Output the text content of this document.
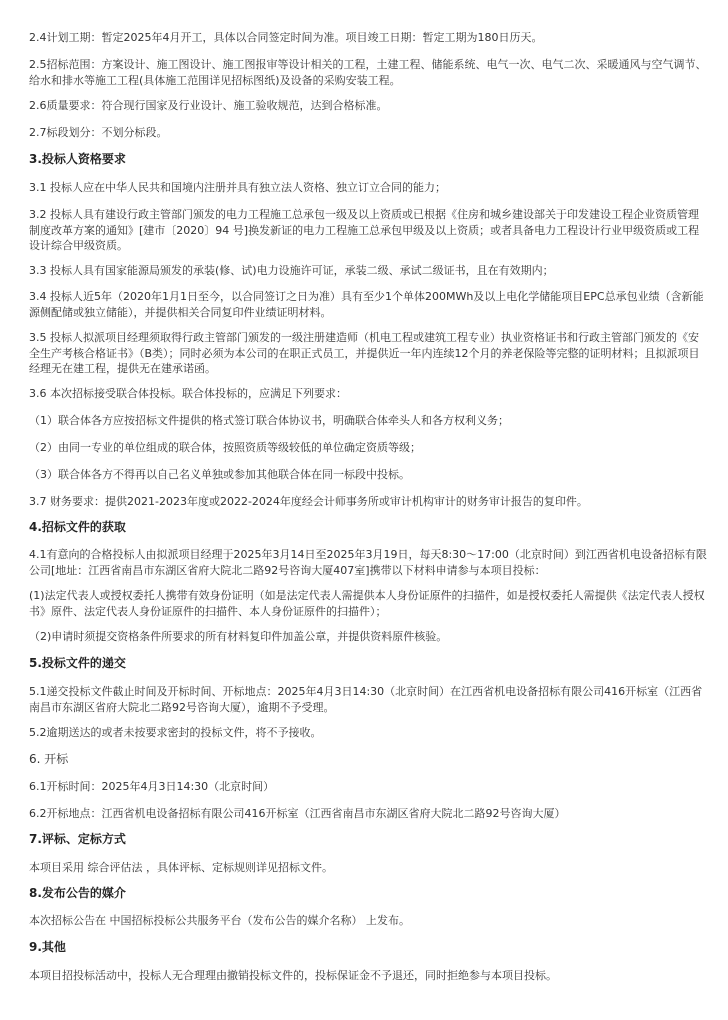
2.4计划工期：暂定2025年4月开工，具体以合同签定时间为准。项目竣工日期：暂定工期为180日历天。

2.5招标范围：方案设计、施工图设计、施工图报审等设计相关的工程，土建工程、储能系统、电气一次、电气二次、采暖通风与空气调节、给水和排水等施工工程(具体施工范围详见招标图纸)及设备的采购安装工程。

2.6质量要求：符合现行国家及行业设计、施工验收规范，达到合格标准。

2.7标段划分：不划分标段。

3.投标人资格要求

3.1 投标人应在中华人民共和国境内注册并具有独立法人资格、独立订立合同的能力；

3.2 投标人具有建设行政主管部门颁发的电力工程施工总承包一级及以上资质或已根据《住房和城乡建设部关于印发建设工程企业资质管理制度改革方案的通知》[建市〔2020〕94 号]换发新证的电力工程施工总承包甲级及以上资质；或者具备电力工程设计行业甲级资质或工程设计综合甲级资质。

3.3 投标人具有国家能源局颁发的承装(修、试)电力设施许可证，承装二级、承试二级证书，且在有效期内；

3.4 投标人近5年（2020年1月1日至今，以合同签订之日为准）具有至少1个单体200MWh及以上电化学储能项目EPC总承包业绩（含新能源侧配储或独立储能），并提供相关合同复印件业绩证明材料。

3.5 投标人拟派项目经理须取得行政主管部门颁发的一级注册建造师（机电工程或建筑工程专业）执业资格证书和行政主管部门颁发的《安全生产考核合格证书》（B类）；同时必须为本公司的在职正式员工，并提供近一年内连续12个月的养老保险等完整的证明材料；且拟派项目经理无在建工程，提供无在建承诺函。

3.6 本次招标接受联合体投标。联合体投标的，应满足下列要求：

（1）联合体各方应按招标文件提供的格式签订联合体协议书，明确联合体牵头人和各方权利义务；

（2）由同一专业的单位组成的联合体，按照资质等级较低的单位确定资质等级；

（3）联合体各方不得再以自己名义单独或参加其他联合体在同一标段中投标。

3.7 财务要求：提供2021-2023年度或2022-2024年度经会计师事务所或审计机构审计的财务审计报告的复印件。

4.招标文件的获取

4.1有意向的合格投标人由拟派项目经理于2025年3月14日至2025年3月19日，每天8:30～17:00（北京时间）到江西省机电设备招标有限公司[地址：江西省南昌市东湖区省府大院北二路92号咨询大厦407室]携带以下材料申请参与本项目投标：

(1)法定代表人或授权委托人携带有效身份证明（如是法定代表人需提供本人身份证原件的扫描件，如是授权委托人需提供《法定代表人授权书》原件、法定代表人身份证原件的扫描件、本人身份证原件的扫描件）；

（2)申请时须提交资格条件所要求的所有材料复印件加盖公章，并提供资料原件核验。

5.投标文件的递交

5.1递交投标文件截止时间及开标时间、开标地点：2025年4月3日14:30（北京时间）在江西省机电设备招标有限公司416开标室（江西省南昌市东湖区省府大院北二路92号咨询大厦），逾期不予受理。

5.2逾期送达的或者未按要求密封的投标文件，将不予接收。

6. 开标

6.1开标时间：2025年4月3日14:30（北京时间）

6.2开标地点：江西省机电设备招标有限公司416开标室（江西省南昌市东湖区省府大院北二路92号咨询大厦）

7.评标、定标方式

本项目采用 综合评估法 ，具体评标、定标规则详见招标文件。

8.发布公告的媒介

本次招标公告在 中国招标投标公共服务平台（发布公告的媒介名称） 上发布。

9.其他

本项目招投标活动中，投标人无合理理由撤销投标文件的，投标保证金不予退还，同时拒绝参与本项目投标。
